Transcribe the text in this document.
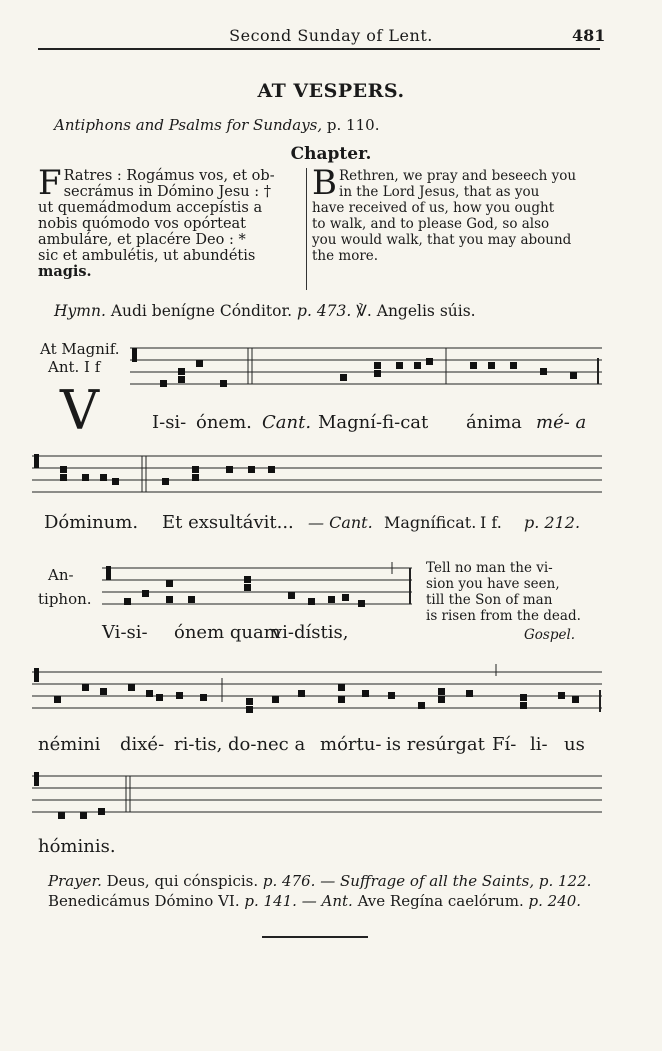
Second Sunday of Lent.	481
AT VESPERS.
Antiphons and Psalms for Sundays, p. 110.
Chapter.
F Ratres : Rogámus vos, et ob-
secrámus in Dómino Jesu : †
ut quemádmodum accepístis a
nobis quómodo vos opórteat
ambuláre, et placére Deo : *
sic et ambulétis, ut abundétis
magis.
B Rethren, we pray and beseech you
in the Lord Jesus, that as you
have received of us, how you ought
to walk, and to please God, so also
you would walk, that you may abound
the more.
Hymn. Audi benígne Cónditor. p. 473. ℣. Angelis súis.
At Magnif.
Ant. I f
V	I-si- ónem. Cant. Magní-fi-cat ánima mé- a
Dóminum. Et exsultávit... — Cant. Magníficat. I f. p. 212.
An-
tiphon.
Tell no man the vi-
sion you have seen,
till the Son of man
is risen from the dead.
Gospel.
Vi-si- ónem quam
vi-dístis,
némini dixé- ri-tis, do-nec a mórtu- is resúrgat Fí- li- us
hóminis.
Prayer. Deus, qui cónspicis. p. 476. — Suffrage of all the Saints, p. 122.
Benedicámus Dómino VI. p. 141. — Ant. Ave Regína caelórum. p. 240.
